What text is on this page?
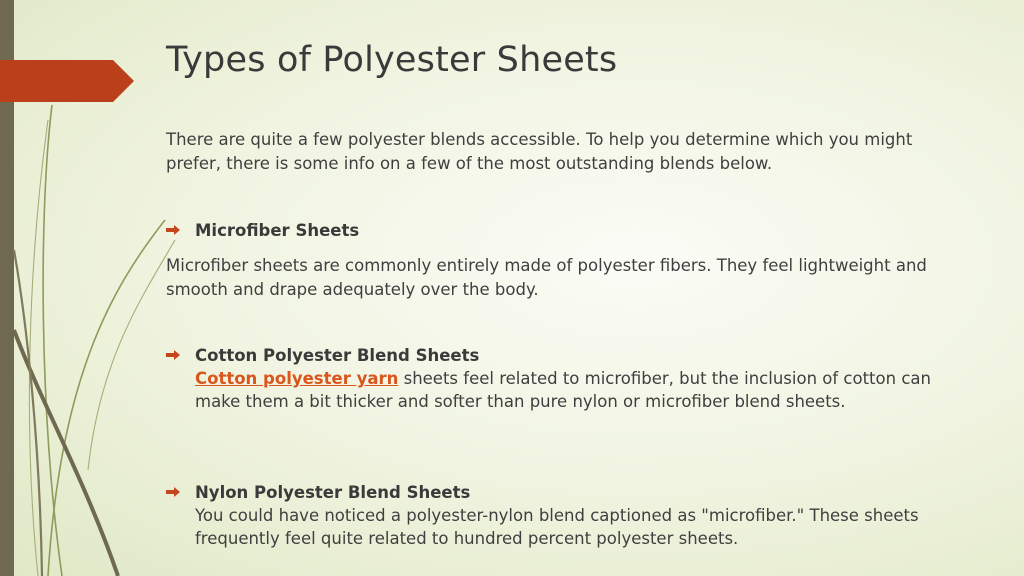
Types of Polyester Sheets
There are quite a few polyester blends accessible. To help you determine which you might prefer, there is some info on a few of the most outstanding blends below.
Microfiber Sheets
Microfiber sheets are commonly entirely made of polyester fibers. They feel lightweight and smooth and drape adequately over the body.
Cotton Polyester Blend Sheets
Cotton polyester yarn sheets feel related to microfiber, but the inclusion of cotton can make them a bit thicker and softer than pure nylon or microfiber blend sheets.
Nylon Polyester Blend Sheets
You could have noticed a polyester-nylon blend captioned as "microfiber." These sheets frequently feel quite related to hundred percent polyester sheets.
